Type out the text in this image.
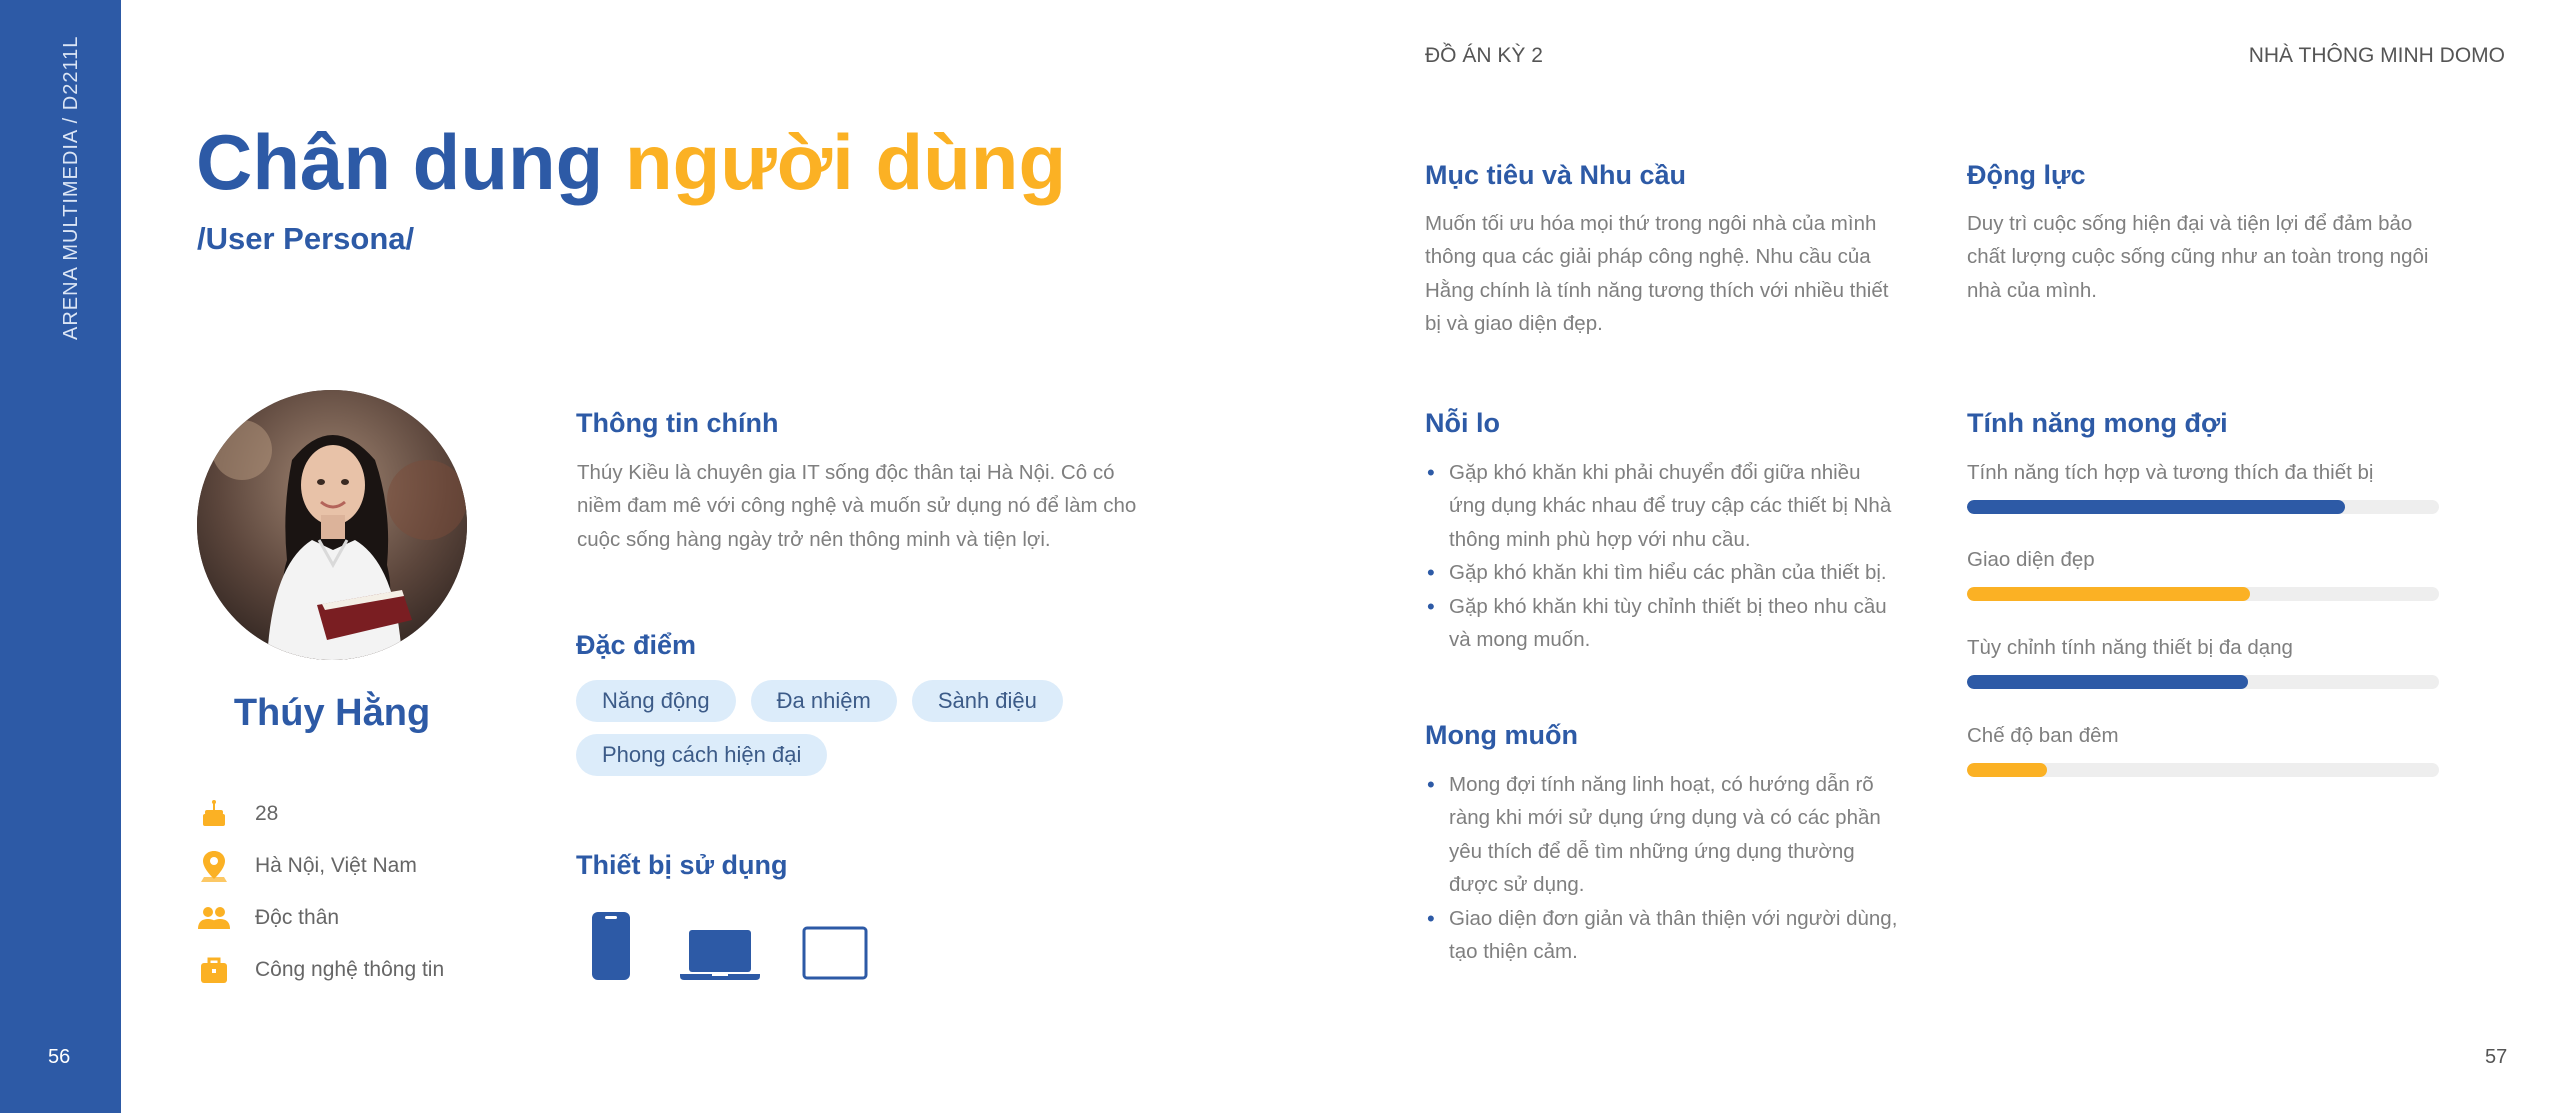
ARENA MULTIMEDIA / D2211L
56
ĐỒ ÁN KỲ 2	NHÀ THÔNG MINH DOMO
57
Chân dung người dùng
/User Persona/
Thúy Hằng
28
Hà Nội, Việt Nam
Độc thân
Công nghệ thông tin
Thông tin chính
Thúy Kiều là chuyên gia IT sống độc thân tại Hà Nội. Cô có
niềm đam mê với công nghệ và muốn sử dụng nó để làm cho
cuộc sống hàng ngày trở nên thông minh và tiện lợi.
Đặc điểm
Năng động	Đa nhiệm	Sành điệu
Phong cách hiện đại
Thiết bị sử dụng
Mục tiêu và Nhu cầu
Muốn tối ưu hóa mọi thứ trong ngôi nhà của mình
thông qua các giải pháp công nghệ. Nhu cầu của
Hằng chính là tính năng tương thích với nhiều thiết
bị và giao diện đẹp.
Động lực
Duy trì cuộc sống hiện đại và tiện lợi để đảm bảo
chất lượng cuộc sống cũng như an toàn trong ngôi
nhà của mình.
Nỗi lo
• Gặp khó khăn khi phải chuyển đổi giữa nhiều
ứng dụng khác nhau để truy cập các thiết bị Nhà
thông minh phù hợp với nhu cầu.
• Gặp khó khăn khi tìm hiểu các phần của thiết bị.
• Gặp khó khăn khi tùy chỉnh thiết bị theo nhu cầu
và mong muốn.
Mong muốn
• Mong đợi tính năng linh hoạt, có hướng dẫn rõ
ràng khi mới sử dụng ứng dụng và có các phần
yêu thích để dễ tìm những ứng dụng thường
được sử dụng.
• Giao diện đơn giản và thân thiện với người dùng,
tạo thiện cảm.
Tính năng mong đợi
Tính năng tích hợp và tương thích đa thiết bị
Giao diện đẹp
Tùy chỉnh tính năng thiết bị đa dạng
Chế độ ban đêm
